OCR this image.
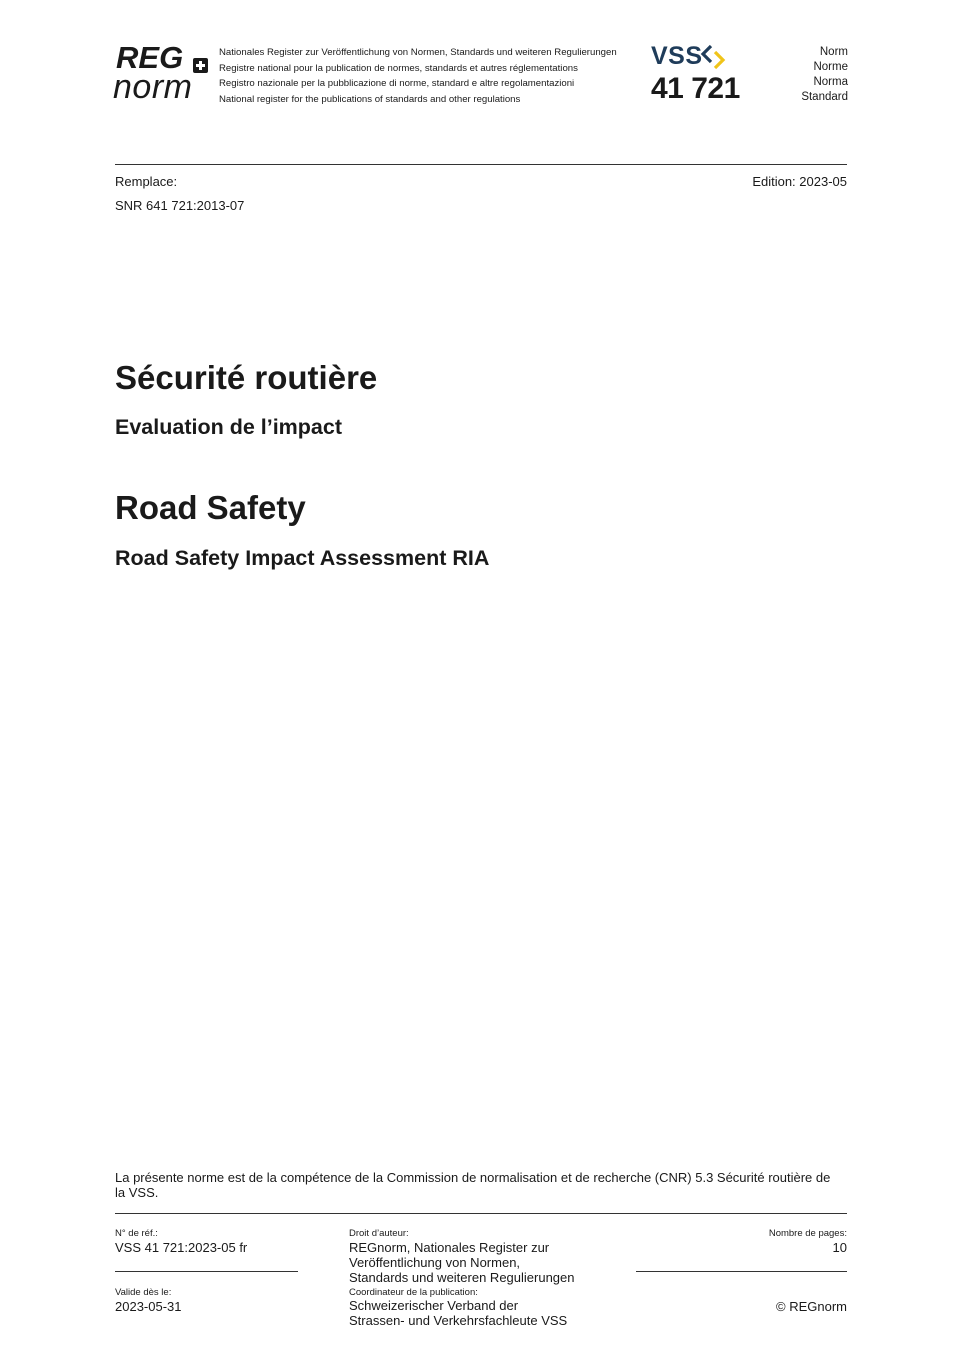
REG
norm
Nationales Register zur Veröffentlichung von Normen, Standards und weiteren Regulierungen
Registre national pour la publication de normes, standards et autres réglementations
Registro nazionale per la pubblicazione di norme, standard e altre regolamentazioni
National register for the publications of standards and other regulations
VSS
41 721
Norm
Norme
Norma
Standard
Remplace:	Edition: 2023-05
SNR 641 721:2013-07
Sécurité routière
Evaluation de l’impact
Road Safety
Road Safety Impact Assessment RIA
La présente norme est de la compétence de la Commission de normalisation et de recherche (CNR) 5.3 Sécurité routière de
la VSS.
N° de réf.:
VSS 41 721:2023-05 fr
Valide dès le:
2023-05-31
Droit d’auteur:
REGnorm, Nationales Register zur
Veröffentlichung von Normen,
Standards und weiteren Regulierungen
Coordinateur de la publication:
Schweizerischer Verband der
Strassen- und Verkehrsfachleute VSS
Nombre de pages:
10
© REGnorm
